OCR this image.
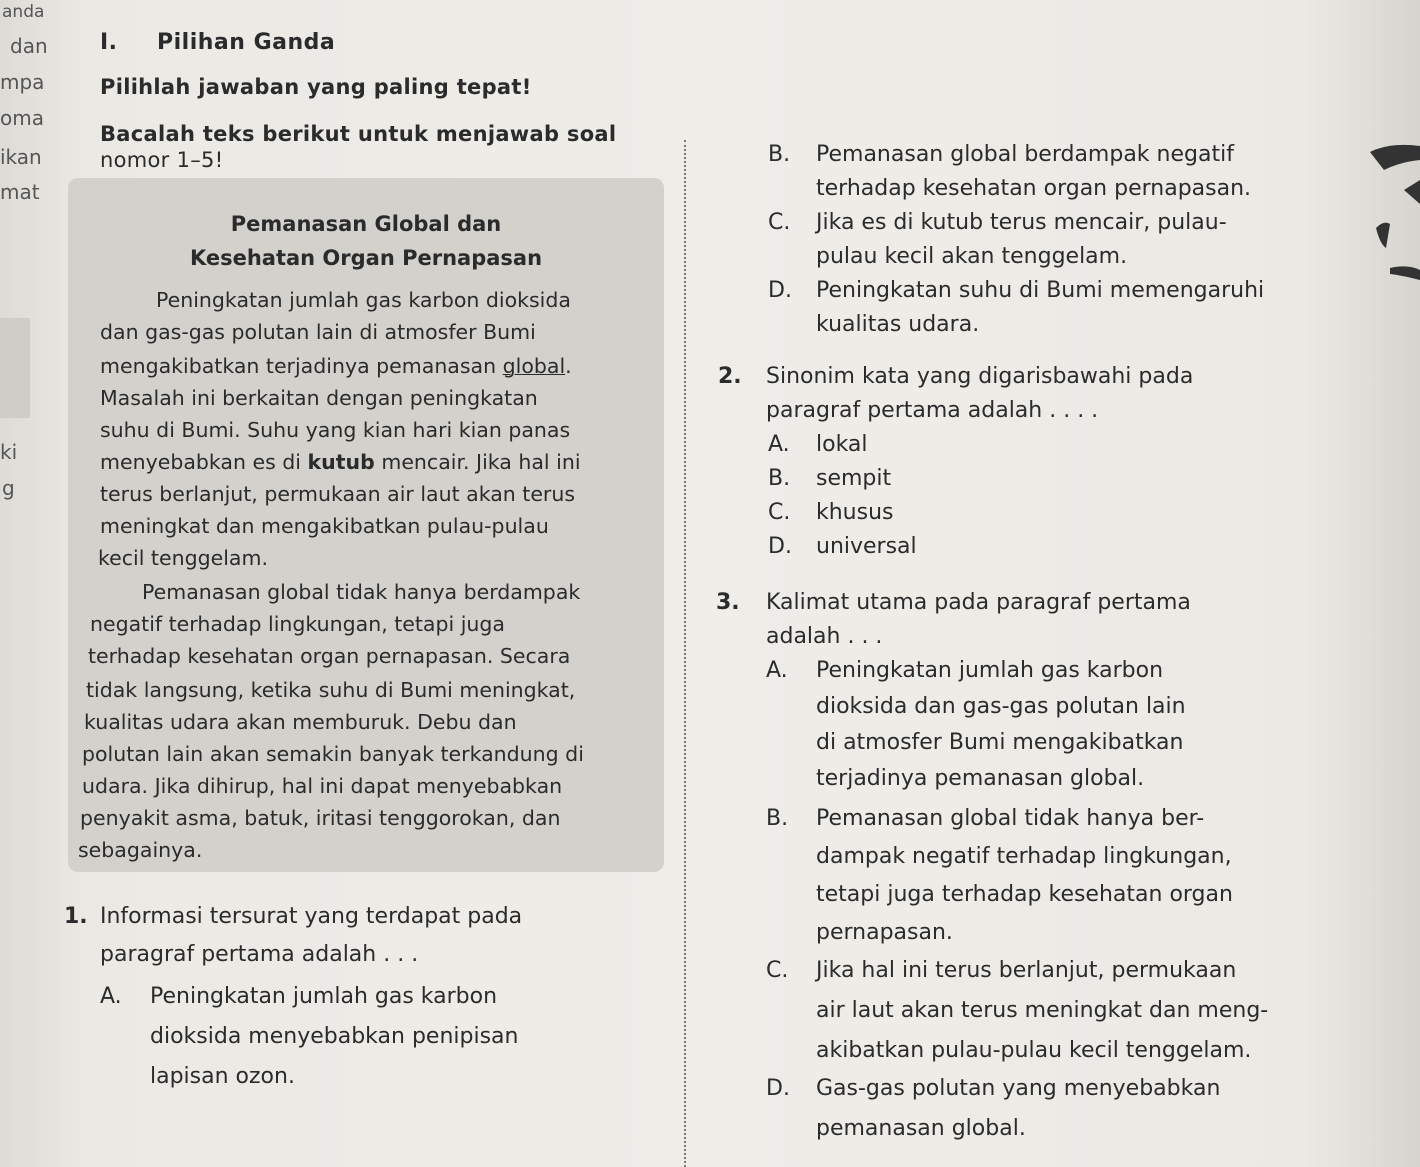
anda
dan
mpa
oma
ikan
mat
ki
g
I. Pilihan Ganda
Pilihlah jawaban yang paling tepat!
Bacalah teks berikut untuk menjawab soal
nomor 1–5!
Pemanasan Global dan
Kesehatan Organ Pernapasan
Peningkatan jumlah gas karbon dioksida
dan gas-gas polutan lain di atmosfer Bumi
mengakibatkan terjadinya pemanasan global.
Masalah ini berkaitan dengan peningkatan
suhu di Bumi. Suhu yang kian hari kian panas
menyebabkan es di kutub mencair. Jika hal ini
terus berlanjut, permukaan air laut akan terus
meningkat dan mengakibatkan pulau-pulau
kecil tenggelam.
Pemanasan global tidak hanya berdampak
negatif terhadap lingkungan, tetapi juga
terhadap kesehatan organ pernapasan. Secara
tidak langsung, ketika suhu di Bumi meningkat,
kualitas udara akan memburuk. Debu dan
polutan lain akan semakin banyak terkandung di
udara. Jika dihirup, hal ini dapat menyebabkan
penyakit asma, batuk, iritasi tenggorokan, dan
sebagainya.
1. Informasi tersurat yang terdapat pada
paragraf pertama adalah . . .
A. Peningkatan jumlah gas karbon
dioksida menyebabkan penipisan
lapisan ozon.
B. Pemanasan global berdampak negatif
terhadap kesehatan organ pernapasan.
C. Jika es di kutub terus mencair, pulau-
pulau kecil akan tenggelam.
D. Peningkatan suhu di Bumi memengaruhi
kualitas udara.
2. Sinonim kata yang digarisbawahi pada
paragraf pertama adalah . . . .
A. lokal
B. sempit
C. khusus
D. universal
3. Kalimat utama pada paragraf pertama
adalah . . .
A. Peningkatan jumlah gas karbon
dioksida dan gas-gas polutan lain
di atmosfer Bumi mengakibatkan
terjadinya pemanasan global.
B. Pemanasan global tidak hanya ber-
dampak negatif terhadap lingkungan,
tetapi juga terhadap kesehatan organ
pernapasan.
C. Jika hal ini terus berlanjut, permukaan
air laut akan terus meningkat dan meng-
akibatkan pulau-pulau kecil tenggelam.
D. Gas-gas polutan yang menyebabkan
pemanasan global.
